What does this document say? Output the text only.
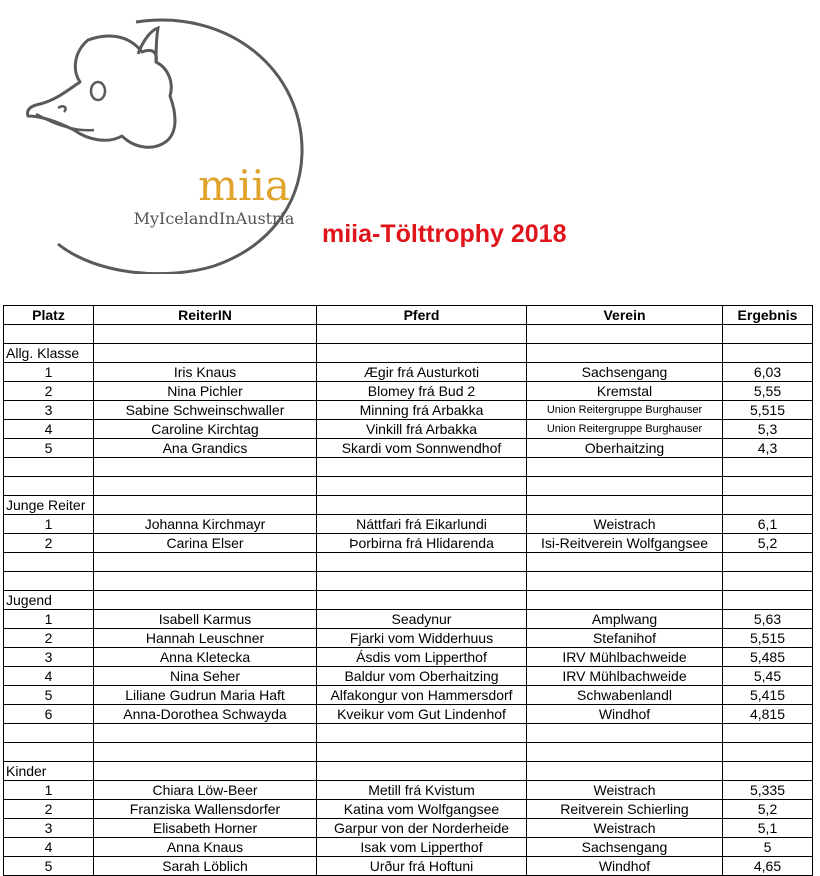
miia
MyIcelandInAustria
miia-Tölttrophy 2018
Platz	ReiterIN	Pferd	Verein	Ergebnis

Allg. Klasse				
1	Iris Knaus	Ægir frá Austurkoti	Sachsengang	6,03
2	Nina Pichler	Blomey frá Bud 2	Kremstal	5,55
3	Sabine Schweinschwaller	Minning frá Arbakka	Union Reitergruppe Burghauser	5,515
4	Caroline Kirchtag	Vinkill frá Arbakka	Union Reitergruppe Burghauser	5,3
5	Ana Grandics	Skardi vom Sonnwendhof	Oberhaitzing	4,3

Junge Reiter				
1	Johanna Kirchmayr	Náttfari frá Eikarlundi	Weistrach	6,1
2	Carina Elser	Þorbirna frá Hlidarenda	Isi-Reitverein Wolfgangsee	5,2

Jugend				
1	Isabell Karmus	Seadynur	Amplwang	5,63
2	Hannah Leuschner	Fjarki vom Widderhuus	Stefanihof	5,515
3	Anna Kletecka	Ásdis vom Lipperthof	IRV Mühlbachweide	5,485
4	Nina Seher	Baldur vom Oberhaitzing	IRV Mühlbachweide	5,45
5	Liliane Gudrun Maria Haft	Alfakongur von Hammersdorf	Schwabenlandl	5,415
6	Anna-Dorothea Schwayda	Kveikur vom Gut Lindenhof	Windhof	4,815

Kinder				
1	Chiara Löw-Beer	Metill frá Kvistum	Weistrach	5,335
2	Franziska Wallensdorfer	Katina vom Wolfgangsee	Reitverein Schierling	5,2
3	Elisabeth Horner	Garpur von der Norderheide	Weistrach	5,1
4	Anna Knaus	Isak vom Lipperthof	Sachsengang	5
5	Sarah Löblich	Urður frá Hoftuni	Windhof	4,65
